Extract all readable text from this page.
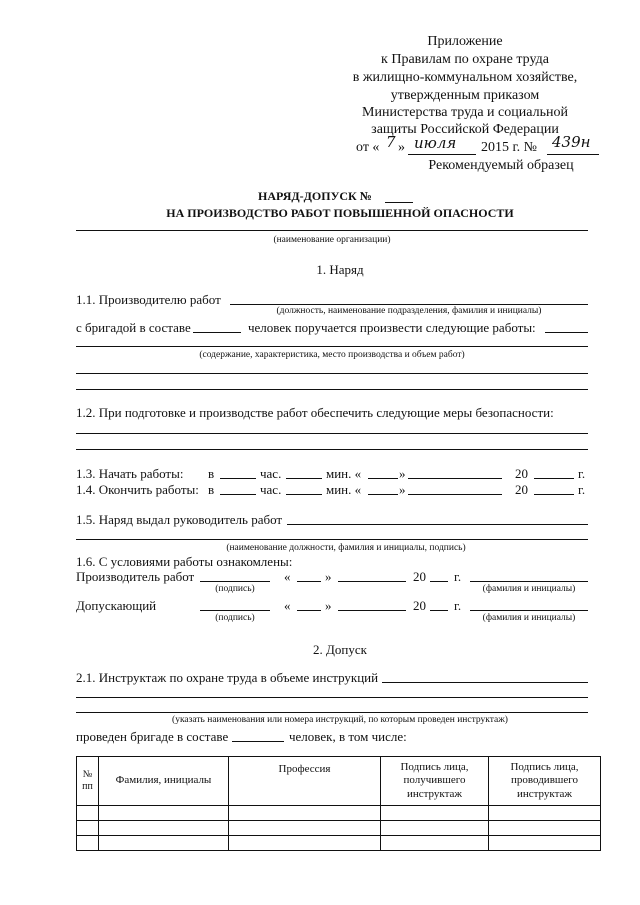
Приложение
к Правилам по охране труда
в жилищно-коммунальном хозяйстве,
утвержденным приказом
Министерства труда и социальной
защиты Российской Федерации
от « 7 » июля 2015 г. № 439н
Рекомендуемый образец
НАРЯД-ДОПУСК №
НА ПРОИЗВОДСТВО РАБОТ ПОВЫШЕННОЙ ОПАСНОСТИ
(наименование организации)
1. Наряд
1.1. Производителю работ
(должность, наименование подразделения, фамилия и инициалы)
с бригадой в составе	человек поручается произвести следующие работы:
(содержание, характеристика, место производства и объем работ)
1.2. При подготовке и производстве работ обеспечить следующие меры безопасности:
1.3. Начать работы: в	час.	мин. «	»	20	г.
1.4. Окончить работы: в	час.	мин. «	»	20	г.
1.5. Наряд выдал руководитель работ
(наименование должности, фамилия и инициалы, подпись)
1.6. С условиями работы ознакомлены:
Производитель работ	«	»	20 г.
(подпись)	(фамилия и инициалы)
Допускающий	«	»	20 г.
(подпись)	(фамилия и инициалы)
2. Допуск
2.1. Инструктаж по охране труда в объеме инструкций
(указать наименования или номера инструкций, по которым проведен инструктаж)
проведен бригаде в составе	человек, в том числе:
№ пп	Фамилия, инициалы	Профессия	Подпись лица, получившего инструктаж	Подпись лица, проводившего инструктаж
